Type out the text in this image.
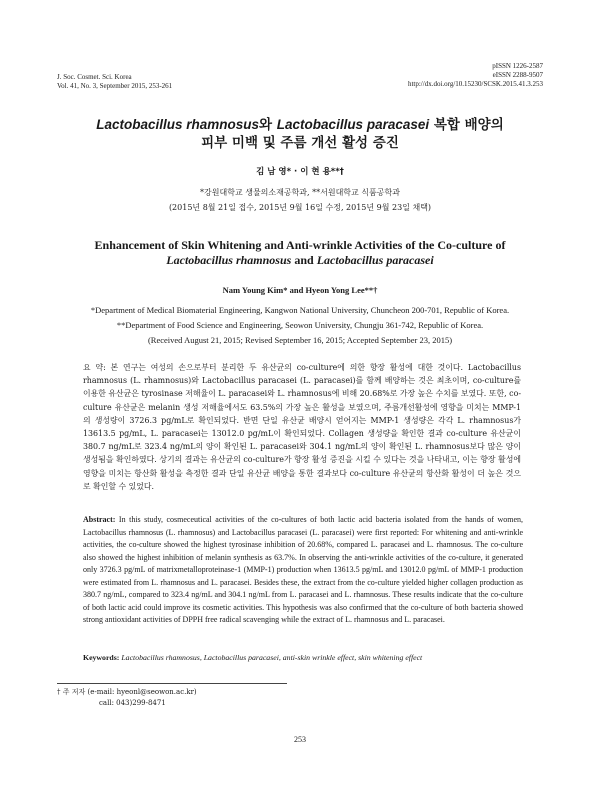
J. Soc. Cosmet. Sci. Korea
Vol. 41, No. 3, September 2015, 253-261
pISSN 1226-2587
eISSN 2288-9507
http://dx.doi.org/10.15230/SCSK.2015.41.3.253
Lactobacillus rhamnosus와 Lactobacillus paracasei 복합 배양의
피부 미백 및 주름 개선 활성 증진
김 남 영* · 이 현 용**†
*강원대학교 생물의소재공학과, **서원대학교 식품공학과
(2015년 8월 21일 접수, 2015년 9월 16일 수정, 2015년 9월 23일 채택)
Enhancement of Skin Whitening and Anti-wrinkle Activities of the Co-culture of
Lactobacillus rhamnosus and Lactobacillus paracasei
Nam Young Kim* and Hyeon Yong Lee**†
*Department of Medical Biomaterial Engineering, Kangwon National University, Chuncheon 200-701, Republic of Korea.
**Department of Food Science and Engineering, Seowon University, Chungju 361-742, Republic of Korea.
(Received August 21, 2015; Revised September 16, 2015; Accepted September 23, 2015)

요 약: 본 연구는 여성의 손으로부터 분리한 두 유산균의 co-culture에 의한 향장 활성에 대한 것이다. Lactobacillus rhamnosus (L. rhamnosus)와 Lactobacillus paracasei (L. paracasei)를 함께 배양하는 것은 최초이며, co-culture를 이용한 유산균은 tyrosinase 저해율이 L. paracasei와 L. rhamnosus에 비해 20.68%로 가장 높은 수치를 보였다. 또한, co-culture 유산균은 melanin 생성 저해율에서도 63.5%의 가장 높은 활성을 보였으며, 주름개선활성에 영향을 미치는 MMP-1의 생성량이 3726.3 pg/mL로 확인되었다. 반면 단일 유산균 배양시 얻어지는 MMP-1 생성량은 각각 L. rhamnosus가 13613.5 pg/mL, L. paracasei는 13012.0 pg/mL이 확인되었다. Collagen 생성량을 확인한 결과 co-culture 유산균이 380.7 ng/mL로 323.4 ng/mL의 양이 확인된 L. paracasei와 304.1 ng/mL의 양이 확인된 L. rhamnosus보다 많은 양이 생성됨을 확인하였다. 상기의 결과는 유산균의 co-culture가 향장 활성 증진을 시킬 수 있다는 것을 나타내고, 이는 향장 활성에 영향을 미치는 항산화 활성을 측정한 결과 단일 유산균 배양을 통한 결과보다 co-culture 유산균의 항산화 활성이 더 높은 것으로 확인할 수 있었다.

Abstract: In this study, cosmeceutical activities of the co-cultures of both lactic acid bacteria isolated from the hands of women, Lactobacillus rhamnosus (L. rhamnosus) and Lactobacillus paracasei (L. paracasei) were first reported: For whitening and anti-wrinkle activities, the co-culture showed the highest tyrosinase inhibition of 20.68%, compared L. paracasei and L. rhamnosus. The co-culture also showed the highest inhibition of melanin synthesis as 63.7%. In observing the anti-wrinkle activities of the co-culture, it generated only 3726.3 pg/mL of matrixmetalloproteinase-1 (MMP-1) production when 13613.5 pg/mL and 13012.0 pg/mL of MMP-1 production were estimated from L. rhamnosus and L. paracasei. Besides these, the extract from the co-culture yielded higher collagen production as 380.7 ng/mL, compared to 323.4 ng/mL and 304.1 ng/mL from L. paracasei and L. rhamnosus. These results indicate that the co-culture of both lactic acid could improve its cosmetic activities. This hypothesis was also confirmed that the co-culture of both bacteria showed strong antioxidant activities of DPPH free radical scavenging while the extract of L. rhamnosus and L. paracasei.

Keywords: Lactobacillus rhamnosus, Lactobacillus paracasei, anti-skin wrinkle effect, skin whitening effect
† 주 저자 (e-mail: hyeonl@seowon.ac.kr)
call: 043)299-8471
253
